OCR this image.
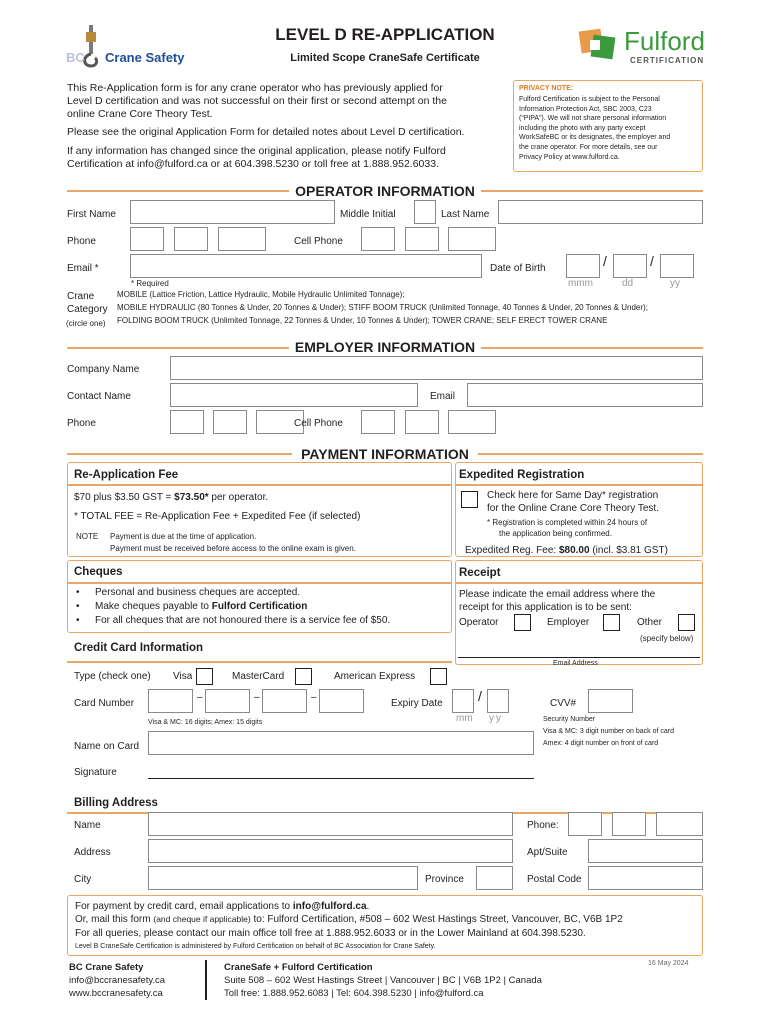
BC Crane Safety
LEVEL D RE-APPLICATION
Limited Scope CraneSafe Certificate
Fulford
CERTIFICATION
This Re-Application form is for any crane operator who has previously applied for
Level D certification and was not successful on their first or second attempt on the
online Crane Core Theory Test.
Please see the original Application Form for detailed notes about Level D certification.
If any information has changed since the original application, please notify Fulford
Certification at info@fulford.ca or at 604.398.5230 or toll free at 1.888.952.6033.
PRIVACY NOTE:
Fulford Certification is subject to the Personal
Information Protection Act, SBC 2003, C23
(“PIPA”). We will not share personal information
including the photo with any party except
WorkSafeBC or its designates, the employer and
the crane operator. For more details, see our
Privacy Policy at www.fulford.ca.
OPERATOR INFORMATION
First Name	Middle Initial	Last Name
Phone	Cell Phone
Email *	Date of Birth	/	/
mmm	dd	yy
* Required
Crane
Category
(circle one)
MOBILE (Lattice Friction, Lattice Hydraulic, Mobile Hydraulic Unlimited Tonnage);
MOBILE HYDRAULIC (80 Tonnes & Under, 20 Tonnes & Under); STIFF BOOM TRUCK (Unlimited Tonnage, 40 Tonnes & Under, 20 Tonnes & Under);
FOLDING BOOM TRUCK (Unlimited Tonnage, 22 Tonnes & Under, 10 Tonnes & Under); TOWER CRANE; SELF ERECT TOWER CRANE
EMPLOYER INFORMATION
Company Name
Contact Name	Email
Phone	Cell Phone
PAYMENT INFORMATION
Re-Application Fee
$70 plus $3.50 GST = $73.50* per operator.
* TOTAL FEE = Re-Application Fee + Expedited Fee (if selected)
NOTE Payment is due at the time of application.
Payment must be received before access to the online exam is given.
Expedited Registration
Check here for Same Day* registration
for the Online Crane Core Theory Test.
* Registration is completed within 24 hours of
the application being confirmed.
Expedited Reg. Fee: $80.00 (incl. $3.81 GST)
Cheques
• Personal and business cheques are accepted.
• Make cheques payable to Fulford Certification
• For all cheques that are not honoured there is a service fee of $50.
Receipt
Please indicate the email address where the
receipt for this application is to be sent:
Operator	Employer	Other
(specify below)
Email Address
Credit Card Information
Type (check one) Visa	MasterCard	American Express
Card Number
–	–	–
Visa & MC: 16 digits; Amex: 15 digits
Expiry Date	/
mm yy
CVV#
Security Number
Visa & MC: 3 digit number on back of card
Amex: 4 digit number on front of card
Name on Card
Signature
Billing Address
Name	Phone:
Address	Apt/Suite
City	Province	Postal Code
For payment by credit card, email applications to info@fulford.ca.
Or, mail this form (and cheque if applicable) to: Fulford Certification, #508 – 602 West Hastings Street, Vancouver, BC, V6B 1P2
For all queries, please contact our main office toll free at 1.888.952.6033 or in the Lower Mainland at 604.398.5230.
Level B CraneSafe Certification is administered by Fulford Certification on behalf of BC Association for Crane Safety.
BC Crane Safety
info@bccranesafety.ca
www.bccranesafety.ca
CraneSafe + Fulford Certification
Suite 508 – 602 West Hastings Street | Vancouver | BC | V6B 1P2 | Canada
Toll free: 1.888.952.6083 | Tel: 604.398.5230 | info@fulford.ca
16 May 2024
